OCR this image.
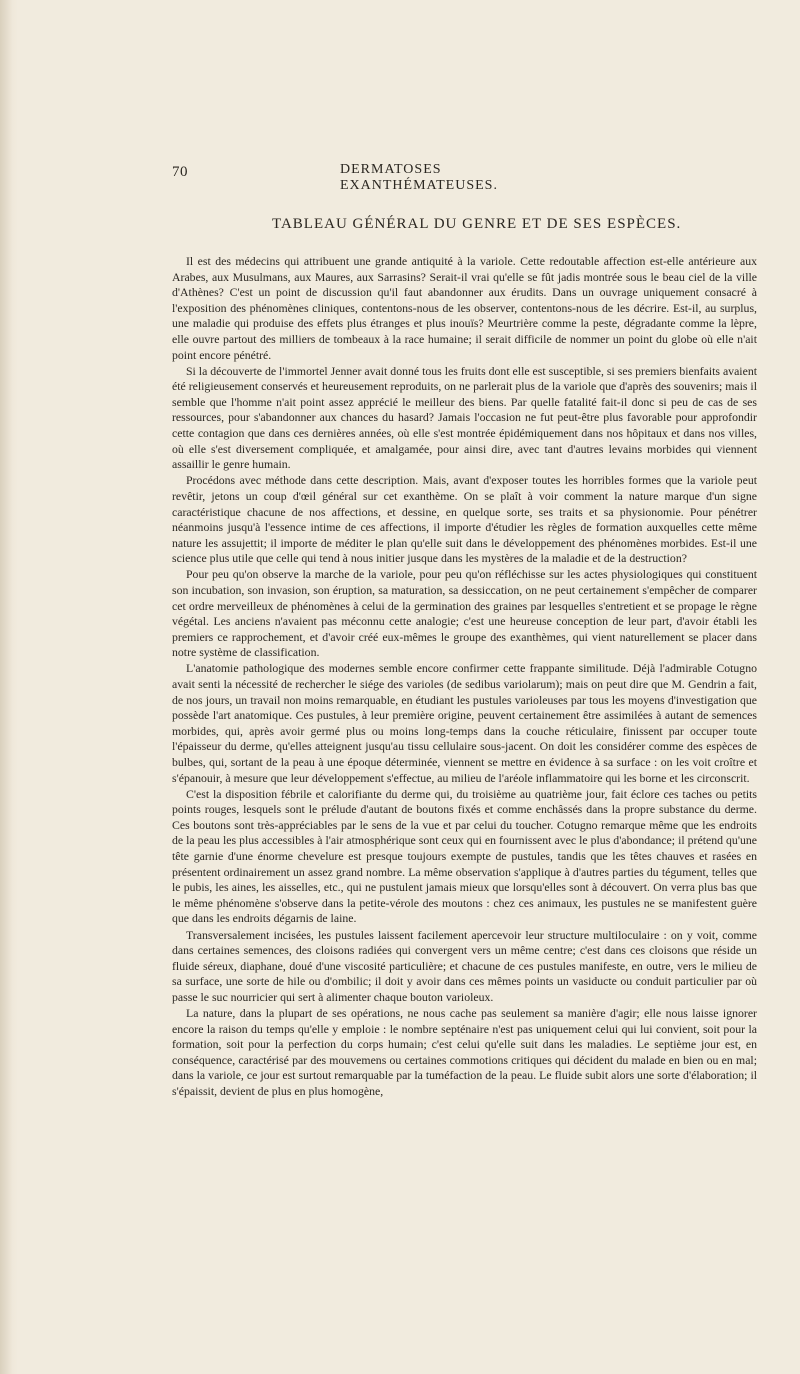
70	DERMATOSES EXANTHÉMATEUSES.
TABLEAU GÉNÉRAL DU GENRE ET DE SES ESPÈCES.

Il est des médecins qui attribuent une grande antiquité à la variole. Cette redoutable affection est-elle antérieure aux Arabes, aux Musulmans, aux Maures, aux Sarrasins? Serait-il vrai qu'elle se fût jadis montrée sous le beau ciel de la ville d'Athènes? C'est un point de discussion qu'il faut abandonner aux érudits. Dans un ouvrage uniquement consacré à l'exposition des phénomènes cliniques, contentons-nous de les observer, contentons-nous de les décrire. Est-il, au surplus, une maladie qui produise des effets plus étranges et plus inouïs? Meurtrière comme la peste, dégradante comme la lèpre, elle ouvre partout des milliers de tombeaux à la race humaine; il serait difficile de nommer un point du globe où elle n'ait point encore pénétré.

Si la découverte de l'immortel Jenner avait donné tous les fruits dont elle est susceptible, si ses premiers bienfaits avaient été religieusement conservés et heureusement reproduits, on ne parlerait plus de la variole que d'après des souvenirs; mais il semble que l'homme n'ait point assez apprécié le meilleur des biens. Par quelle fatalité fait-il donc si peu de cas de ses ressources, pour s'abandonner aux chances du hasard? Jamais l'occasion ne fut peut-être plus favorable pour approfondir cette contagion que dans ces dernières années, où elle s'est montrée épidémiquement dans nos hôpitaux et dans nos villes, où elle s'est diversement compliquée, et amalgamée, pour ainsi dire, avec tant d'autres levains morbides qui viennent assaillir le genre humain.

Procédons avec méthode dans cette description. Mais, avant d'exposer toutes les horribles formes que la variole peut revêtir, jetons un coup d'œil général sur cet exanthème. On se plaît à voir comment la nature marque d'un signe caractéristique chacune de nos affections, et dessine, en quelque sorte, ses traits et sa physionomie. Pour pénétrer néanmoins jusqu'à l'essence intime de ces affections, il importe d'étudier les règles de formation auxquelles cette même nature les assujettit; il importe de méditer le plan qu'elle suit dans le développement des phénomènes morbides. Est-il une science plus utile que celle qui tend à nous initier jusque dans les mystères de la maladie et de la destruction?

Pour peu qu'on observe la marche de la variole, pour peu qu'on réfléchisse sur les actes physiologiques qui constituent son incubation, son invasion, son éruption, sa maturation, sa dessiccation, on ne peut certainement s'empêcher de comparer cet ordre merveilleux de phénomènes à celui de la germination des graines par lesquelles s'entretient et se propage le règne végétal. Les anciens n'avaient pas méconnu cette analogie; c'est une heureuse conception de leur part, d'avoir établi les premiers ce rapprochement, et d'avoir créé eux-mêmes le groupe des exanthèmes, qui vient naturellement se placer dans notre système de classification.

L'anatomie pathologique des modernes semble encore confirmer cette frappante similitude. Déjà l'admirable Cotugno avait senti la nécessité de rechercher le siége des varioles (de sedibus variolarum); mais on peut dire que M. Gendrin a fait, de nos jours, un travail non moins remarquable, en étudiant les pustules varioleuses par tous les moyens d'investigation que possède l'art anatomique. Ces pustules, à leur première origine, peuvent certainement être assimilées à autant de semences morbides, qui, après avoir germé plus ou moins long-temps dans la couche réticulaire, finissent par occuper toute l'épaisseur du derme, qu'elles atteignent jusqu'au tissu cellulaire sous-jacent. On doit les considérer comme des espèces de bulbes, qui, sortant de la peau à une époque déterminée, viennent se mettre en évidence à sa surface : on les voit croître et s'épanouir, à mesure que leur développement s'effectue, au milieu de l'aréole inflammatoire qui les borne et les circonscrit.

C'est la disposition fébrile et calorifiante du derme qui, du troisième au quatrième jour, fait éclore ces taches ou petits points rouges, lesquels sont le prélude d'autant de boutons fixés et comme enchâssés dans la propre substance du derme. Ces boutons sont très-appréciables par le sens de la vue et par celui du toucher. Cotugno remarque même que les endroits de la peau les plus accessibles à l'air atmosphérique sont ceux qui en fournissent avec le plus d'abondance; il prétend qu'une tête garnie d'une énorme chevelure est presque toujours exempte de pustules, tandis que les têtes chauves et rasées en présentent ordinairement un assez grand nombre. La même observation s'applique à d'autres parties du tégument, telles que le pubis, les aines, les aisselles, etc., qui ne pustulent jamais mieux que lorsqu'elles sont à découvert. On verra plus bas que le même phénomène s'observe dans la petite-vérole des moutons : chez ces animaux, les pustules ne se manifestent guère que dans les endroits dégarnis de laine.

Transversalement incisées, les pustules laissent facilement apercevoir leur structure multiloculaire : on y voit, comme dans certaines semences, des cloisons radiées qui convergent vers un même centre; c'est dans ces cloisons que réside un fluide séreux, diaphane, doué d'une viscosité particulière; et chacune de ces pustules manifeste, en outre, vers le milieu de sa surface, une sorte de hile ou d'ombilic; il doit y avoir dans ces mêmes points un vasiducte ou conduit particulier par où passe le suc nourricier qui sert à alimenter chaque bouton varioleux.

La nature, dans la plupart de ses opérations, ne nous cache pas seulement sa manière d'agir; elle nous laisse ignorer encore la raison du temps qu'elle y emploie : le nombre septénaire n'est pas uniquement celui qui lui convient, soit pour la formation, soit pour la perfection du corps humain; c'est celui qu'elle suit dans les maladies. Le septième jour est, en conséquence, caractérisé par des mouvemens ou certaines commotions critiques qui décident du malade en bien ou en mal; dans la variole, ce jour est surtout remarquable par la tuméfaction de la peau. Le fluide subit alors une sorte d'élaboration; il s'épaissit, devient de plus en plus homogène,
